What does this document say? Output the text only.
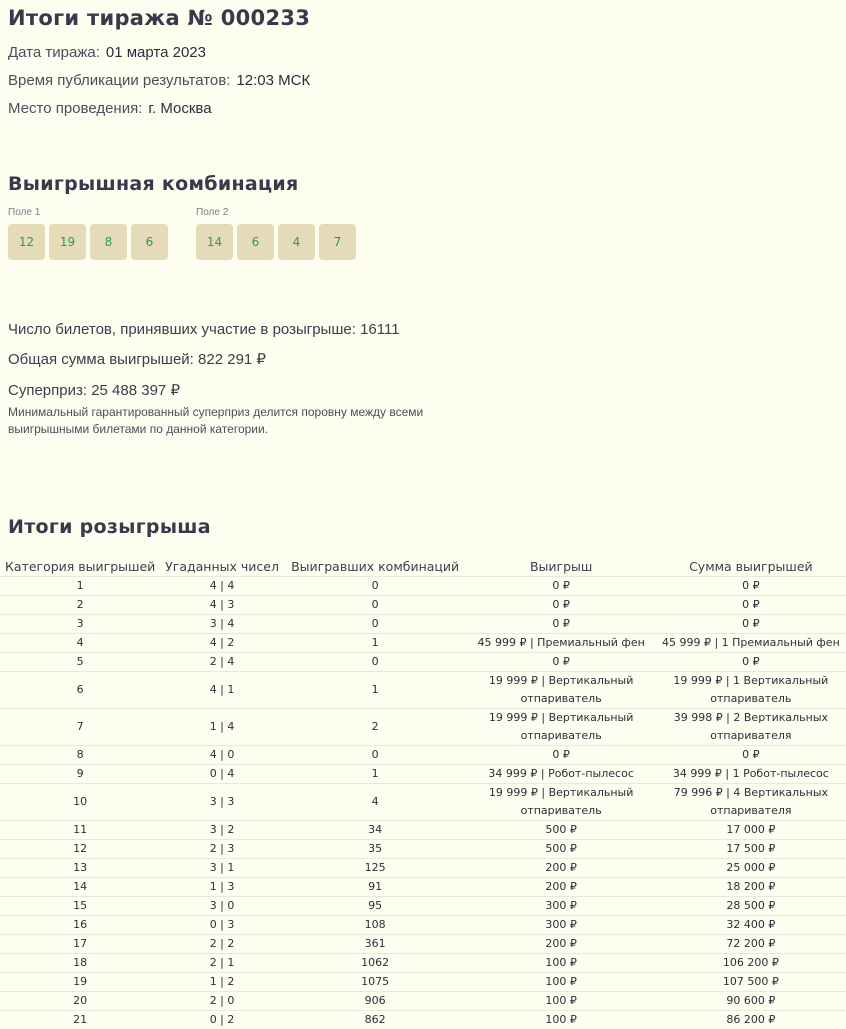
Итоги тиража № 000233
Дата тиража: 01 марта 2023
Время публикации результатов: 12:03 МСК
Место проведения: г. Москва
Выигрышная комбинация
Поле 1
12	19	8	6
Поле 2
14	6	4	7
Число билетов, принявших участие в розыгрыше: 16111
Общая сумма выигрышей: 822 291 ₽
Суперприз: 25 488 397 ₽
Минимальный гарантированный суперприз делится поровну между всеми выигрышными билетами по данной категории.
Итоги розыгрыша
Категория выигрышей	Угаданных чисел	Выигравших комбинаций	Выигрыш	Сумма выигрышей
1	4 | 4	0	0 ₽	0 ₽
2	4 | 3	0	0 ₽	0 ₽
3	3 | 4	0	0 ₽	0 ₽
4	4 | 2	1	45 999 ₽ | Премиальный фен	45 999 ₽ | 1 Премиальный фен
5	2 | 4	0	0 ₽	0 ₽
6	4 | 1	1	19 999 ₽ | Вертикальный отпариватель	19 999 ₽ | 1 Вертикальный отпариватель
7	1 | 4	2	19 999 ₽ | Вертикальный отпариватель	39 998 ₽ | 2 Вертикальных отпаривателя
8	4 | 0	0	0 ₽	0 ₽
9	0 | 4	1	34 999 ₽ | Робот-пылесос	34 999 ₽ | 1 Робот-пылесос
10	3 | 3	4	19 999 ₽ | Вертикальный отпариватель	79 996 ₽ | 4 Вертикальных отпаривателя
11	3 | 2	34	500 ₽	17 000 ₽
12	2 | 3	35	500 ₽	17 500 ₽
13	3 | 1	125	200 ₽	25 000 ₽
14	1 | 3	91	200 ₽	18 200 ₽
15	3 | 0	95	300 ₽	28 500 ₽
16	0 | 3	108	300 ₽	32 400 ₽
17	2 | 2	361	200 ₽	72 200 ₽
18	2 | 1	1062	100 ₽	106 200 ₽
19	1 | 2	1075	100 ₽	107 500 ₽
20	2 | 0	906	100 ₽	90 600 ₽
21	0 | 2	862	100 ₽	86 200 ₽
